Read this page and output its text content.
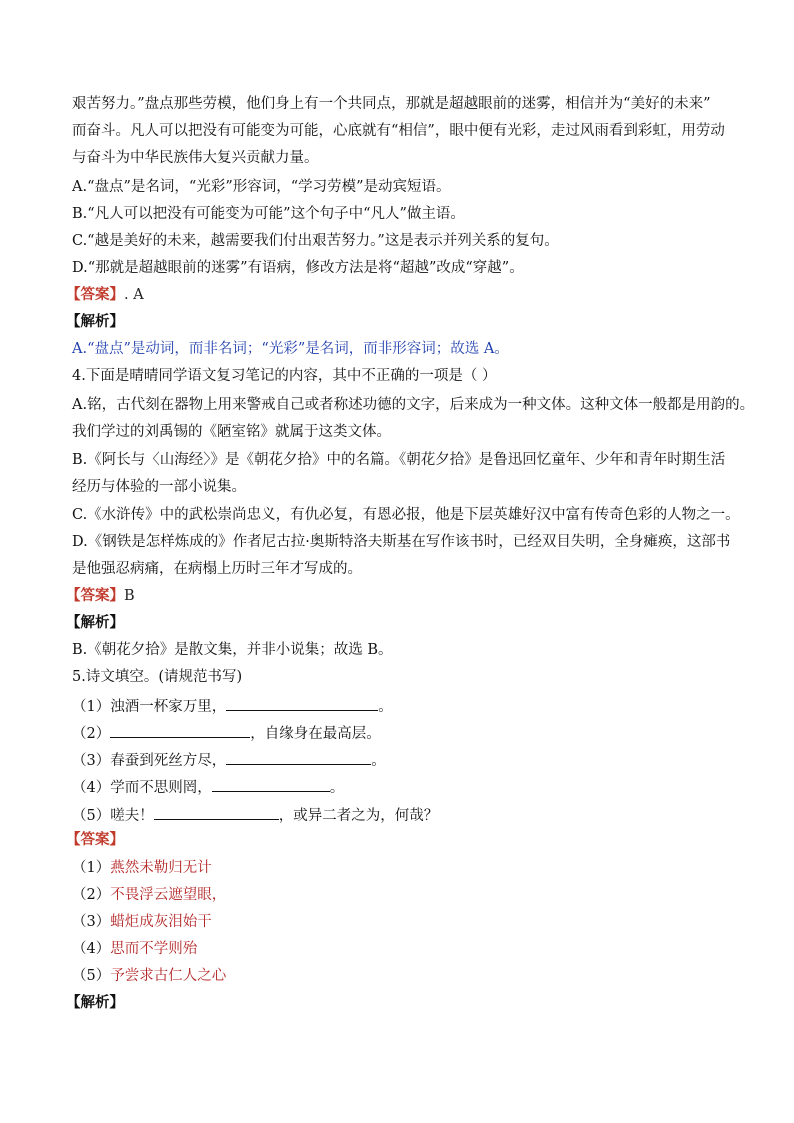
艰苦努力。”盘点那些劳模，他们身上有一个共同点，那就是超越眼前的迷雾，相信并为“美好的未来”
而奋斗。凡人可以把没有可能变为可能，心底就有“相信”，眼中便有光彩，走过风雨看到彩虹，用劳动
与奋斗为中华民族伟大复兴贡献力量。
A.“盘点”是名词，“光彩”形容词，“学习劳模”是动宾短语。
B.“凡人可以把没有可能变为可能”这个句子中“凡人”做主语。
C.“越是美好的未来，越需要我们付出艰苦努力。”这是表示并列关系的复句。
D.“那就是超越眼前的迷雾”有语病，修改方法是将“超越”改成“穿越”。
【答案】. A
【解析】
A.“盘点”是动词，而非名词；“光彩”是名词，而非形容词；故选 A。
4.下面是晴晴同学语文复习笔记的内容，其中不正确的一项是（ ）
A.铭，古代刻在器物上用来警戒自己或者称述功德的文字，后来成为一种文体。这种文体一般都是用韵的。
我们学过的刘禹锡的《陋室铭》就属于这类文体。
B.《阿长与〈山海经〉》是《朝花夕拾》中的名篇。《朝花夕拾》是鲁迅回忆童年、少年和青年时期生活
经历与体验的一部小说集。
C.《水浒传》中的武松崇尚忠义，有仇必复，有恩必报，他是下层英雄好汉中富有传奇色彩的人物之一。
D.《钢铁是怎样炼成的》作者尼古拉·奥斯特洛夫斯基在写作该书时，已经双目失明，全身瘫痪，这部书
是他强忍病痛，在病榻上历时三年才写成的。
【答案】B
【解析】
B.《朝花夕拾》是散文集，并非小说集；故选 B。
5.诗文填空。(请规范书写)
（1）浊酒一杯家万里，	。
（2）	，自缘身在最高层。
（3）春蚕到死丝方尽，	。
（4）学而不思则罔，	。
（5）嗟夫！	，或异二者之为，何哉？
【答案】
（1）燕然未勒归无计
（2）不畏浮云遮望眼，
（3）蜡炬成灰泪始干
（4）思而不学则殆
（5）予尝求古仁人之心
【解析】
